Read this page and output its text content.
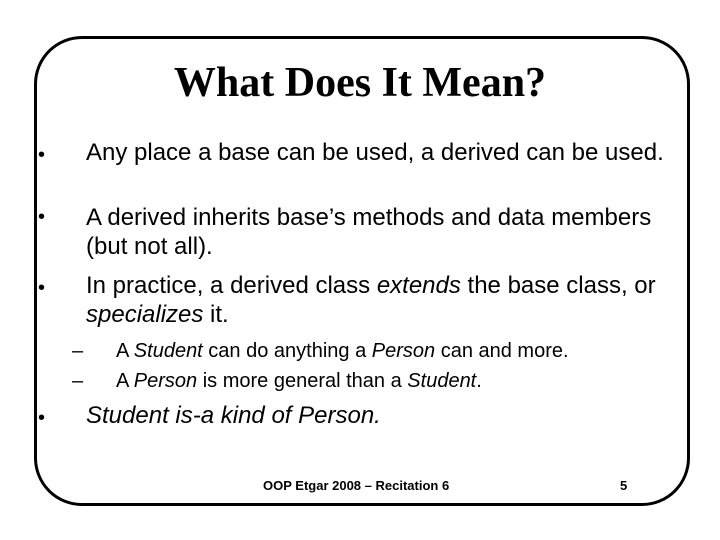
What Does It Mean?
• Any place a base can be used, a derived can be used.
• A derived inherits base’s methods and data members (but not all).
• In practice, a derived class extends the base class, or specializes it.
– A Student can do anything a Person can and more.
– A Person is more general than a Student.
• Student is-a kind of Person.
OOP Etgar 2008 – Recitation 6	5
